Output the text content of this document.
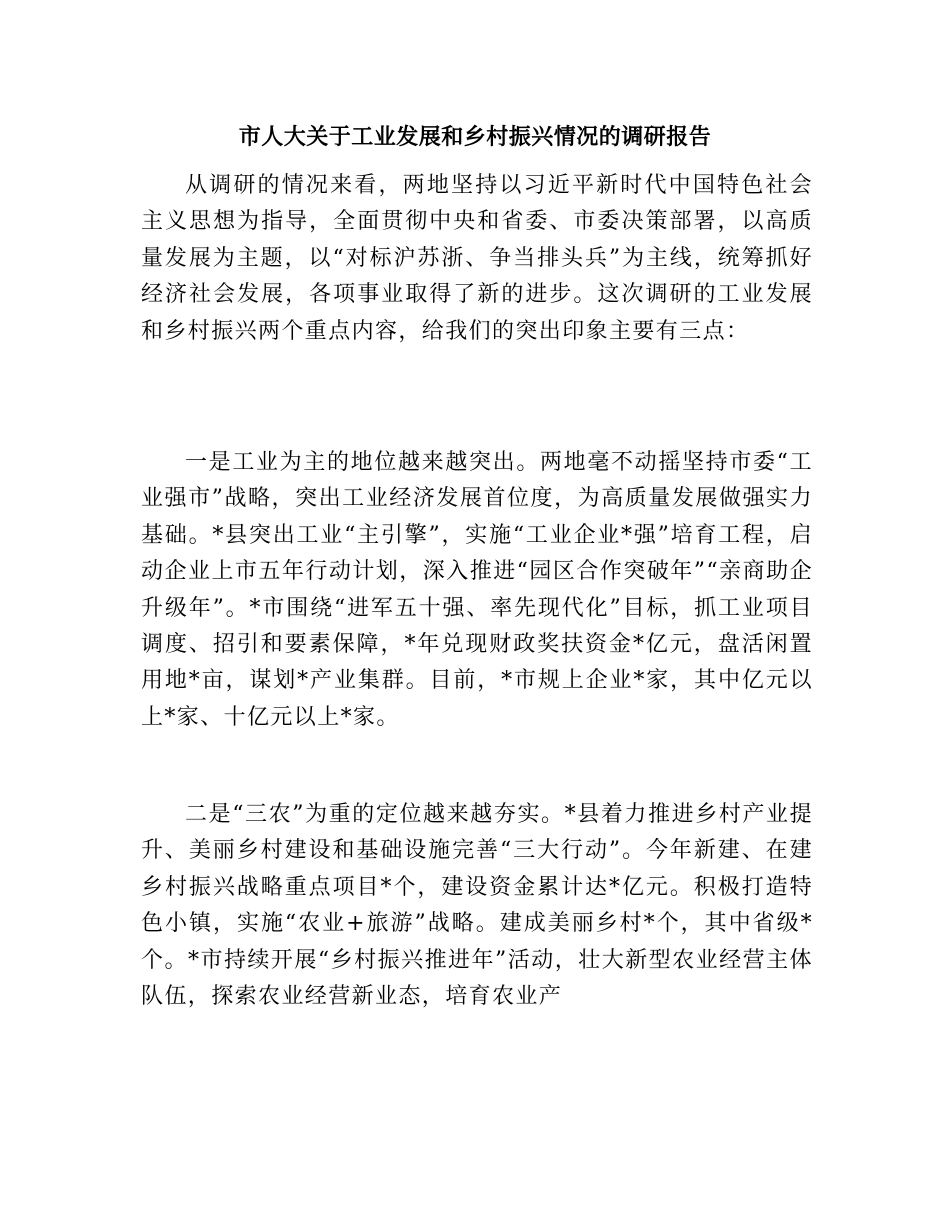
市人大关于工业发展和乡村振兴情况的调研报告

从调研的情况来看，两地坚持以习近平新时代中国特色社会主义思想为指导，全面贯彻中央和省委、市委决策部署，以高质量发展为主题，以“对标沪苏浙、争当排头兵”为主线，统筹抓好经济社会发展，各项事业取得了新的进步。这次调研的工业发展和乡村振兴两个重点内容，给我们的突出印象主要有三点：

一是工业为主的地位越来越突出。两地毫不动摇坚持市委“工业强市”战略，突出工业经济发展首位度，为高质量发展做强实力基础。*县突出工业“主引擎”，实施“工业企业*强”培育工程，启动企业上市五年行动计划，深入推进“园区合作突破年”“亲商助企升级年”。*市围绕“进军五十强、率先现代化”目标，抓工业项目调度、招引和要素保障，*年兑现财政奖扶资金*亿元，盘活闲置用地*亩，谋划*产业集群。目前，*市规上企业*家，其中亿元以上*家、十亿元以上*家。

二是“三农”为重的定位越来越夯实。*县着力推进乡村产业提升、美丽乡村建设和基础设施完善“三大行动”。今年新建、在建乡村振兴战略重点项目*个，建设资金累计达*亿元。积极打造特色小镇，实施“农业+旅游”战略。建成美丽乡村*个，其中省级*个。*市持续开展“乡村振兴推进年”活动，壮大新型农业经营主体队伍，探索农业经营新业态，培育农业产
